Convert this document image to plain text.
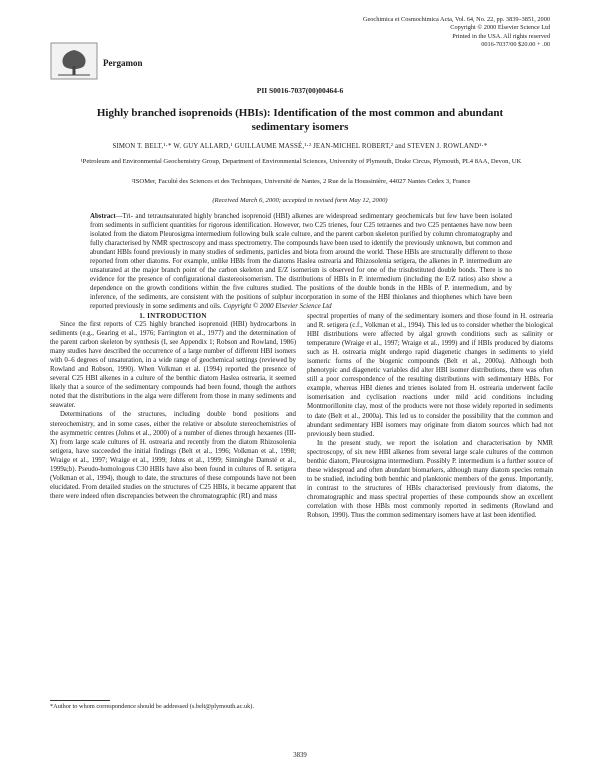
Pergamon
Geochimica et Cosmochimica Acta, Vol. 64, No. 22, pp. 3839–3851, 2000
Copyright © 2000 Elsevier Science Ltd
Printed in the USA. All rights reserved
0016-7037/00 $20.00 + .00
PII S0016-7037(00)00464-6
Highly branched isoprenoids (HBIs): Identification of the most common and abundant sedimentary isomers
SIMON T. BELT,¹·* W. GUY ALLARD,¹ GUILLAUME MASSÉ,¹·² JEAN-MICHEL ROBERT,² and STEVEN J. ROWLAND¹·*
¹Petroleum and Environmental Geochemistry Group, Department of Environmental Sciences, University of Plymouth, Drake Circus, Plymouth, PL4 8AA, Devon, UK
²ISOMer, Faculté des Sciences et des Techniques, Université de Nantes, 2 Rue de la Houssinière, 44027 Nantes Cedex 3, France
(Received March 6, 2000; accepted in revised form May 12, 2000)
Abstract—Tri- and tetraunsaturated highly branched isoprenoid (HBI) alkenes are widespread sedimentary geochemicals but few have been isolated from sediments in sufficient quantities for rigorous identification. However, two C25 trienes, four C25 tetraenes and two C25 pentaenes have now been isolated from the diatom Pleurosigma intermedium following bulk scale culture, and the parent carbon skeleton purified by column chromatography and fully characterised by NMR spectroscopy and mass spectrometry. The compounds have been used to identify the previously unknown, but common and abundant HBIs found previously in many studies of sediments, particles and biota from around the world. These HBIs are structurally different to those reported from other diatoms. For example, unlike HBIs from the diatoms Haslea ostrearia and Rhizosolenia setigera, the alkenes in P. intermedium are unsaturated at the major branch point of the carbon skeleton and E/Z isomerism is observed for one of the trisubstituted double bonds. There is no evidence for the presence of configurational diastereoisomerism. The distributions of HBIs in P. intermedium (including the E/Z ratios) also show a dependence on the growth conditions within the five cultures studied. The positions of the double bonds in the HBIs of P. intermedium, and by inference, of the sediments, are consistent with the positions of sulphur incorporation in some of the HBI thiolanes and thiophenes which have been reported previously in some sediments and oils. Copyright © 2000 Elsevier Science Ltd
1. INTRODUCTION

Since the first reports of C25 highly branched isoprenoid (HBI) hydrocarbons in sediments (e.g., Gearing et al., 1976; Farrington et al., 1977) and the determination of the parent carbon skeleton by synthesis (I, see Appendix 1; Robson and Rowland, 1986) many studies have described the occurrence of a large number of different HBI isomers with 0–6 degrees of unsaturation, in a wide range of geochemical settings (reviewed by Rowland and Robson, 1990). When Volkman et al. (1994) reported the presence of several C25 HBI alkenes in a culture of the benthic diatom Haslea ostrearia, it seemed likely that a source of the sedimentary compounds had been found, though the authors noted that the distributions in the alga were different from those in many sediments and seawater.

Determinations of the structures, including double bond positions and stereochemistry, and in some cases, either the relative or absolute stereochemistries of the asymmetric centres (Johns et al., 2000) of a number of dienes through hexaenes (III-X) from large scale cultures of H. ostrearia and recently from the diatom Rhizosolenia setigera, have succeeded the initial findings (Belt et al., 1996; Volkman et al., 1998; Wraige et al., 1997; Wraige et al., 1999; Johns et al., 1999; Sinninghe Damsté et al., 1999a;b). Pseudo-homologous C30 HBIs have also been found in cultures of R. setigera (Volkman et al., 1994), though to date, the structures of these compounds have not been elucidated. From detailed studies on the structures of C25 HBIs, it became apparent that there were indeed often discrepancies between the chromatographic (RI) and mass

spectral properties of many of the sedimentary isomers and those found in H. ostrearia and R. setigera (c.f., Volkman et al., 1994). This led us to consider whether the biological HBI distributions were affected by algal growth conditions such as salinity or temperature (Wraige et al., 1997; Wraige et al., 1999) and if HBIs produced by diatoms such as H. ostrearia might undergo rapid diagenetic changes in sediments to yield isomeric forms of the biogenic compounds (Belt et al., 2000a). Although both phenotypic and diagenetic variables did alter HBI isomer distributions, there was often still a poor correspondence of the resulting distributions with sedimentary HBIs. For example, whereas HBI dienes and trienes isolated from H. ostrearia underwent facile isomerisation and cyclisation reactions under mild acid conditions including Montmorillonite clay, most of the products were not those widely reported in sediments to date (Belt et al., 2000a). This led us to consider the possibility that the common and abundant sedimentary HBI isomers may originate from diatom sources which had not previously been studied.

In the present study, we report the isolation and characterisation by NMR spectroscopy, of six new HBI alkenes from several large scale cultures of the common benthic diatom, Pleurosigma intermedium. Possibly P. intermedium is a further source of these widespread and often abundant biomarkers, although many diatom species remain to be studied, including both benthic and planktonic members of the genus. Importantly, in contrast to the structures of HBIs characterised previously from diatoms, the chromatographic and mass spectral properties of these compounds show an excellent correlation with those HBIs most commonly reported in sediments (Rowland and Robson, 1990). Thus the common sedimentary isomers have at last been identified.

*Author to whom correspondence should be addressed (s.belt@plymouth.ac.uk).
3839
